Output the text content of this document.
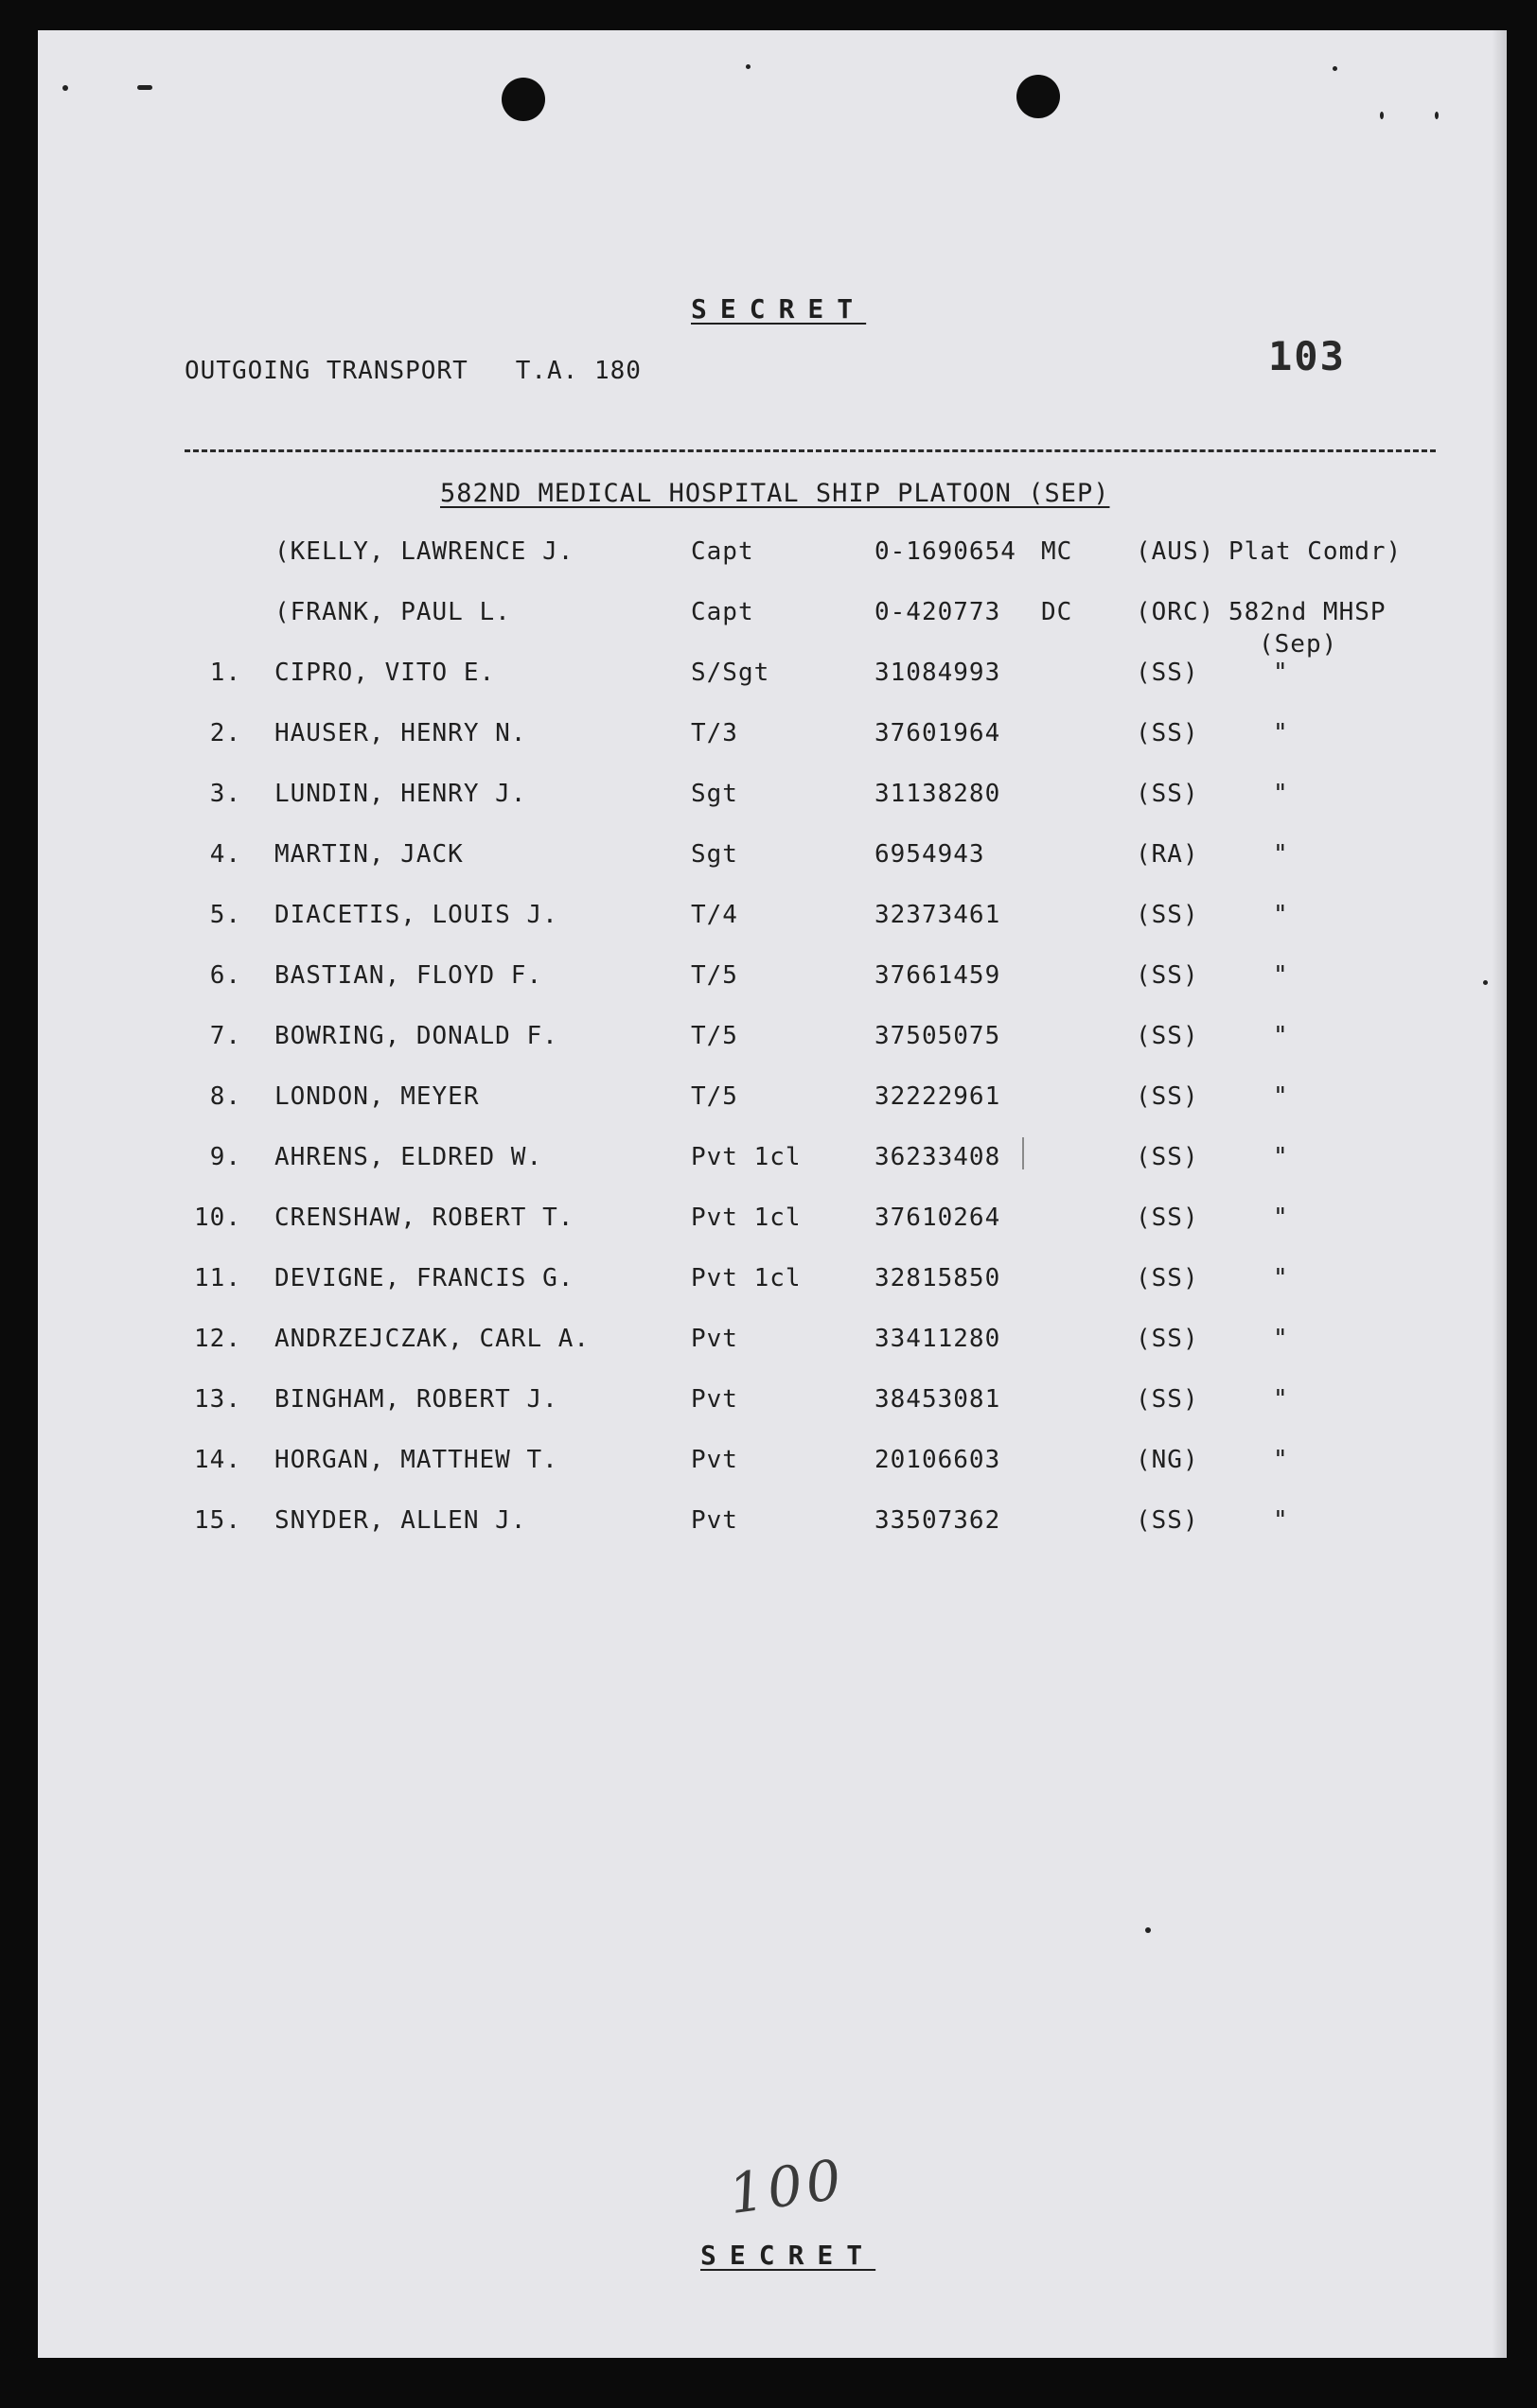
SECRET
OUTGOING TRANSPORT   T.A. 180	103
582ND MEDICAL HOSPITAL SHIP PLATOON (SEP)
(KELLY, LAWRENCE J.	Capt	0-1690654 MC	(AUS) Plat Comdr)
(FRANK, PAUL L.	Capt	0-420773 DC	(ORC) 582nd MHSP
(Sep)
1. CIPRO, VITO E.	S/Sgt	31084993	(SS)	"
2. HAUSER, HENRY N.	T/3	37601964	(SS)	"
3. LUNDIN, HENRY J.	Sgt	31138280	(SS)	"
4. MARTIN, JACK	Sgt	6954943	(RA)	"
5. DIACETIS, LOUIS J.	T/4	32373461	(SS)	"
6. BASTIAN, FLOYD F.	T/5	37661459	(SS)	"
7. BOWRING, DONALD F.	T/5	37505075	(SS)	"
8. LONDON, MEYER	T/5	32222961	(SS)	"
9. AHRENS, ELDRED W.	Pvt 1cl	36233408	(SS)	"
10. CRENSHAW, ROBERT T.	Pvt 1cl	37610264	(SS)	"
11. DEVIGNE, FRANCIS G.	Pvt 1cl	32815850	(SS)	"
12. ANDRZEJCZAK, CARL A.	Pvt	33411280	(SS)	"
13. BINGHAM, ROBERT J.	Pvt	38453081	(SS)	"
14. HORGAN, MATTHEW T.	Pvt	20106603	(NG)	"
15. SNYDER, ALLEN J.	Pvt	33507362	(SS)	"
100
SECRET
